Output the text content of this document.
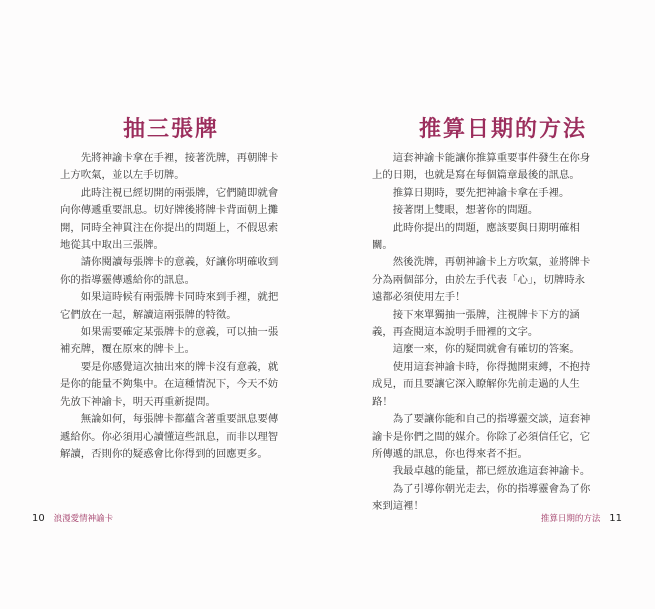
抽三張牌

先將神諭卡拿在手裡，接著洗牌，再朝牌卡上方吹氣，並以左手切牌。

此時注視已經切開的兩張牌，它們隨即就會向你傳遞重要訊息。切好牌後將牌卡背面朝上攤開，同時全神貫注在你提出的問題上，不假思索地從其中取出三張牌。

請你閱讀每張牌卡的意義，好讓你明確收到你的指導靈傳遞給你的訊息。

如果這時候有兩張牌卡同時來到手裡，就把它們放在一起，解讀這兩張牌的特徵。

如果需要確定某張牌卡的意義，可以抽一張補充牌，覆在原來的牌卡上。

要是你感覺這次抽出來的牌卡沒有意義，就是你的能量不夠集中。在這種情況下，今天不妨先放下神諭卡，明天再重新提問。

無論如何，每張牌卡都蘊含著重要訊息要傳遞給你。你必須用心讀懂這些訊息，而非以理智解讀，否則你的疑惑會比你得到的回應更多。

10 浪漫愛情神諭卡
推算日期的方法

這套神諭卡能讓你推算重要事件發生在你身上的日期，也就是寫在每個篇章最後的訊息。

推算日期時，要先把神諭卡拿在手裡。

接著閉上雙眼，想著你的問題。

此時你提出的問題，應該要與日期明確相關。

然後洗牌，再朝神諭卡上方吹氣，並將牌卡分為兩個部分，由於左手代表「心」，切牌時永遠都必須使用左手！

接下來單獨抽一張牌，注視牌卡下方的涵義，再查閱這本說明手冊裡的文字。

這麼一來，你的疑問就會有確切的答案。

使用這套神諭卡時，你得拋開束縛，不抱持成見，而且要讓它深入瞭解你先前走過的人生路！

為了要讓你能和自己的指導靈交談，這套神諭卡是你們之間的媒介。你除了必須信任它，它所傳遞的訊息，你也得來者不拒。

我最卓越的能量，都已經放進這套神諭卡。

為了引導你朝光走去，你的指導靈會為了你來到這裡！

推算日期的方法 11
